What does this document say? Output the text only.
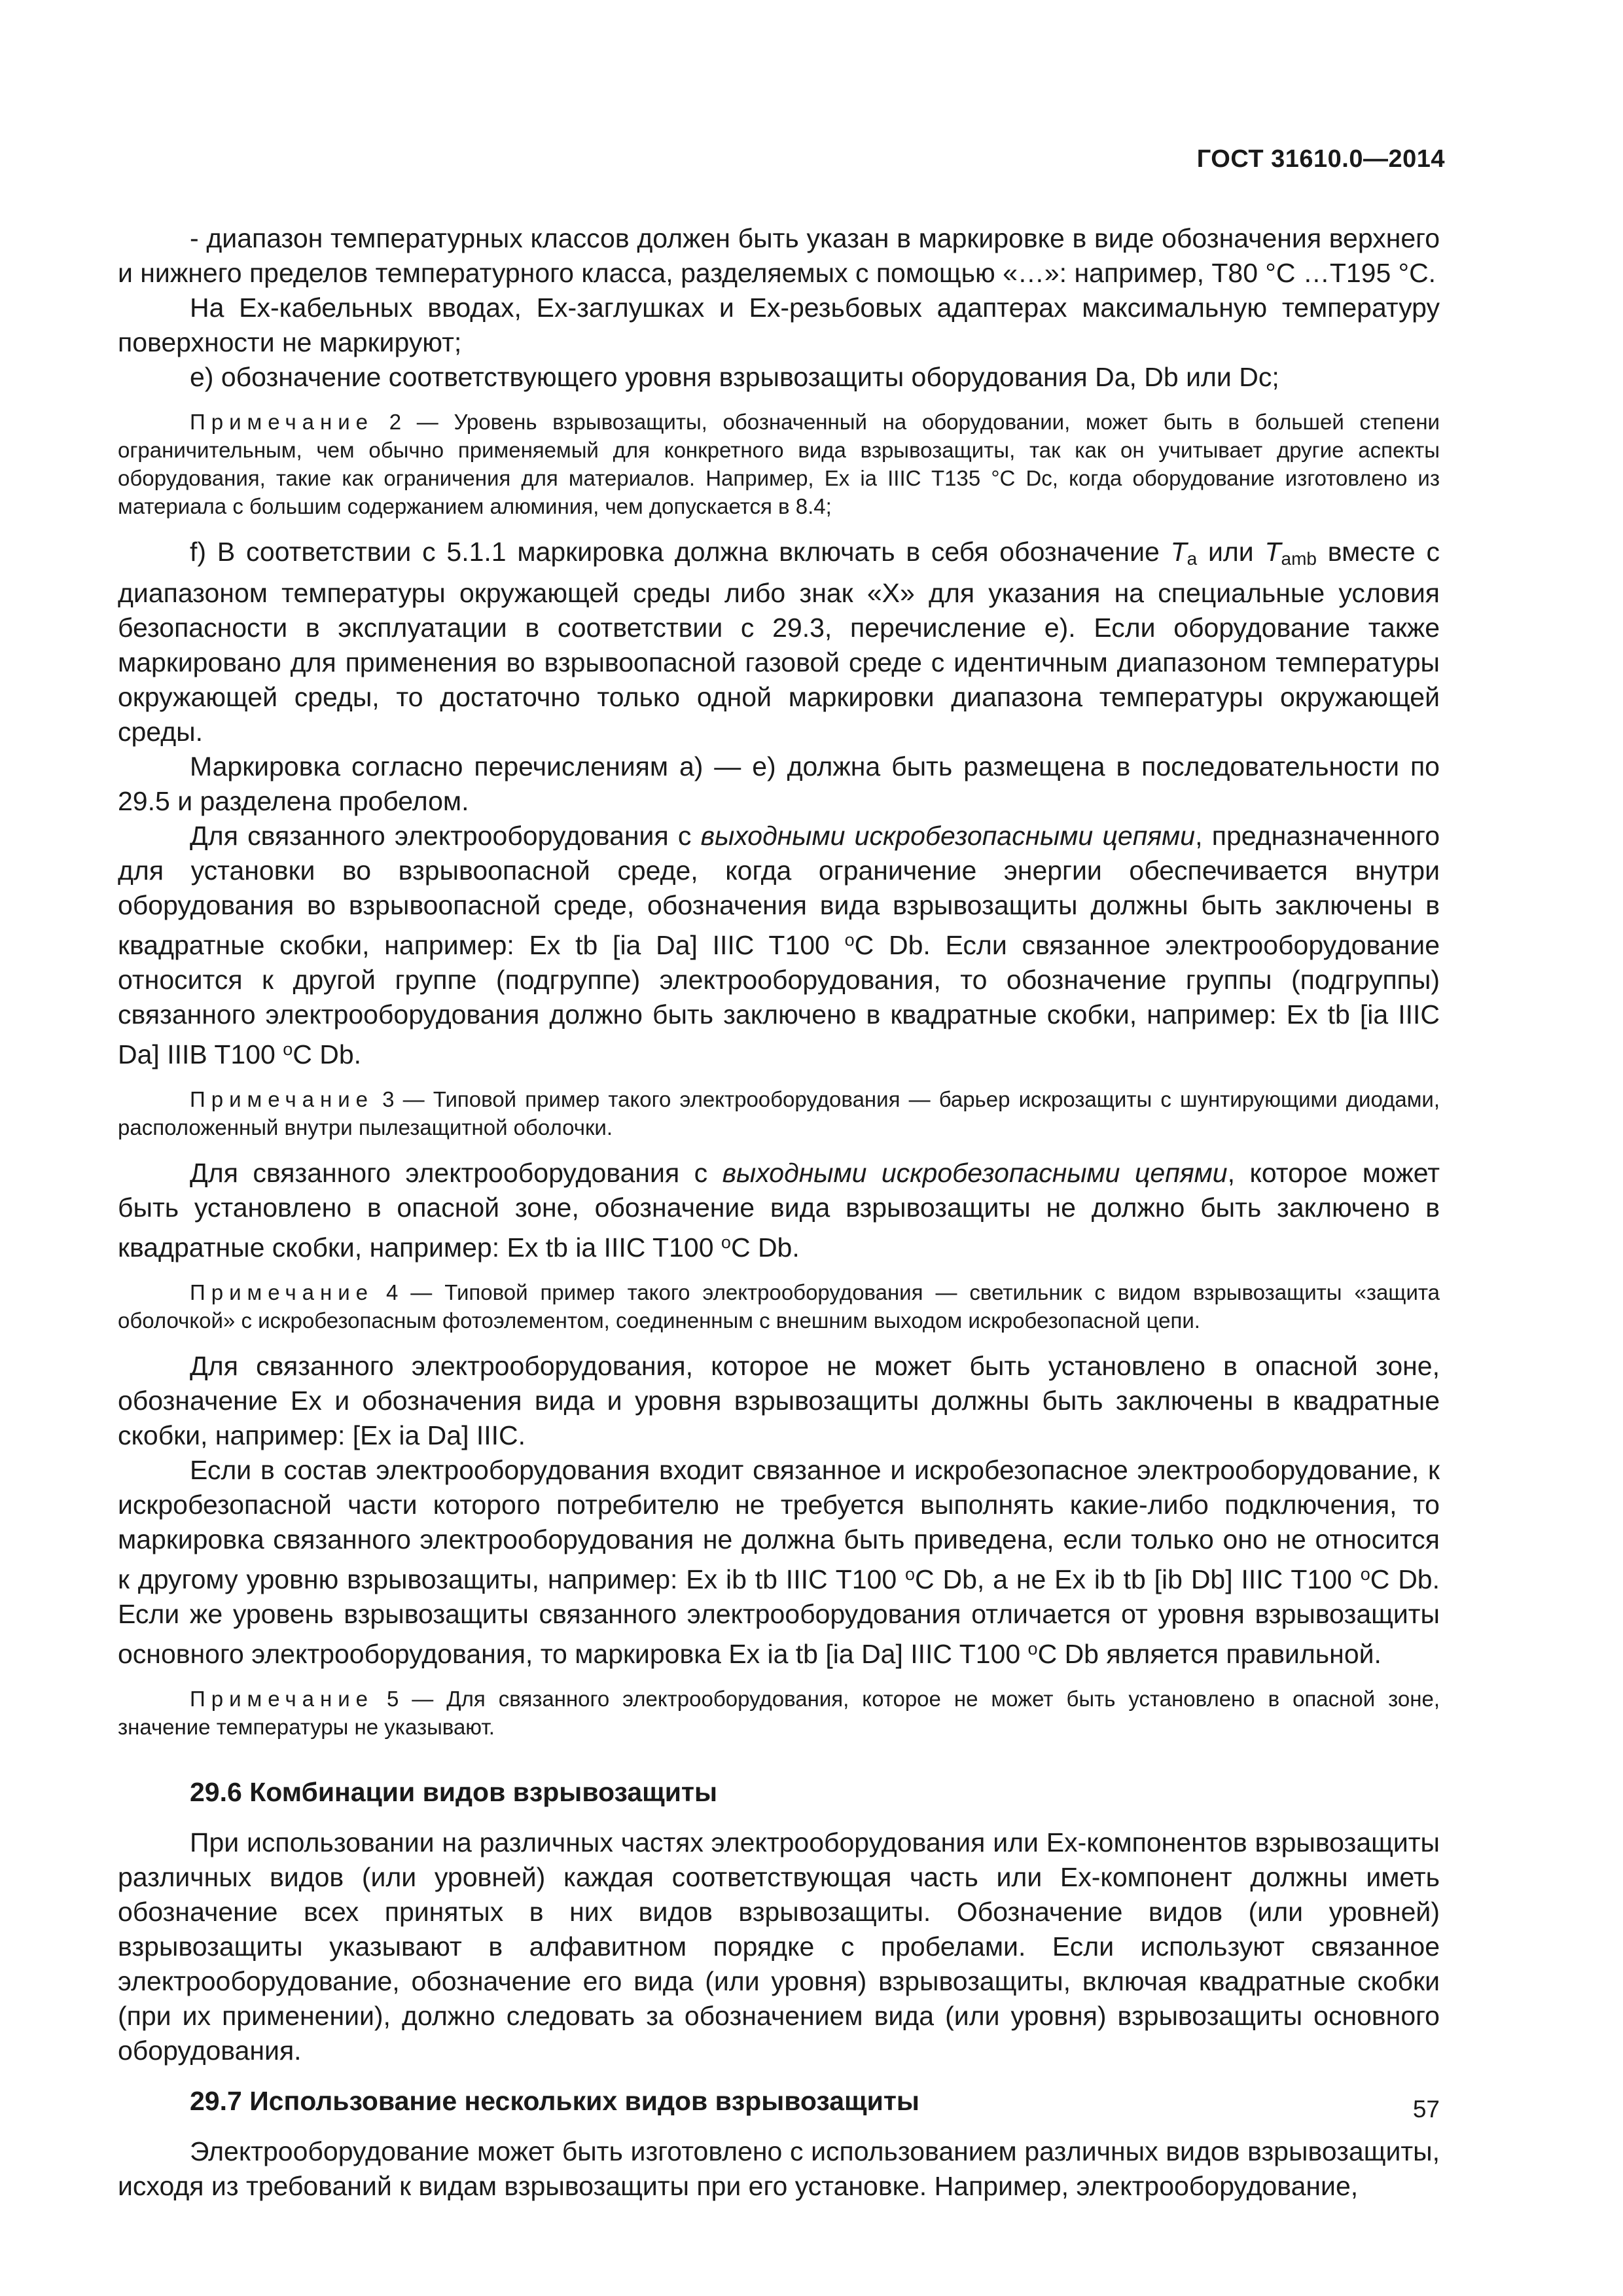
ГОСТ 31610.0—2014

- диапазон температурных классов должен быть указан в маркировке в виде обозначения верхнего и нижнего пределов температурного класса, разделяемых с помощью «…»: например, Т80 °C …Т195 °C.

На Ex-кабельных вводах, Ex-заглушках и Ex-резьбовых адаптерах максимальную температуру поверхности не маркируют;

е) обозначение соответствующего уровня взрывозащиты оборудования Da, Db или Dc;

Примечание 2 — Уровень взрывозащиты, обозначенный на оборудовании, может быть в большей степени ограничительным, чем обычно применяемый для конкретного вида взрывозащиты, так как он учитывает другие аспекты оборудования, такие как ограничения для материалов. Например, Ex ia IIIC T135 °C Dc, когда оборудование изготовлено из материала с большим содержанием алюминия, чем допускается в 8.4;

f) В соответствии с 5.1.1 маркировка должна включать в себя обозначение $T_a$ или $T_{amb}$ вместе с диапазоном температуры окружающей среды либо знак «X» для указания на специальные условия безопасности в эксплуатации в соответствии с 29.3, перечисление е). Если оборудование также маркировано для применения во взрывоопасной газовой среде с идентичным диапазоном температуры окружающей среды, то достаточно только одной маркировки диапазона температуры окружающей среды.

Маркировка согласно перечислениям а) — е) должна быть размещена в последовательности по 29.5 и разделена пробелом.

Для связанного электрооборудования с выходными искробезопасными цепями, предназначенного для установки во взрывоопасной среде, когда ограничение энергии обеспечивается внутри оборудования во взрывоопасной среде, обозначения вида взрывозащиты должны быть заключены в квадратные скобки, например: Ex tb [ia Da] IIIC T100 $^o$C Db. Если связанное электрооборудование относится к другой группе (подгруппе) электрооборудования, то обозначение группы (подгруппы) связанного электрооборудования должно быть заключено в квадратные скобки, например: Ex tb [ia IIIC Da] IIIB T100 $^o$C Db.

Примечание 3 — Типовой пример такого электрооборудования — барьер искрозащиты с шунтирующими диодами, расположенный внутри пылезащитной оболочки.

Для связанного электрооборудования с выходными искробезопасными цепями, которое может быть установлено в опасной зоне, обозначение вида взрывозащиты не должно быть заключено в квадратные скобки, например: Ex tb ia IIIC T100 $^o$C Db.

Примечание 4 — Типовой пример такого электрооборудования — светильник с видом взрывозащиты «защита оболочкой» с искробезопасным фотоэлементом, соединенным с внешним выходом искробезопасной цепи.

Для связанного электрооборудования, которое не может быть установлено в опасной зоне, обозначение Ex и обозначения вида и уровня взрывозащиты должны быть заключены в квадратные скобки, например: [Ex ia Da] IIIC.

Если в состав электрооборудования входит связанное и искробезопасное электрооборудование, к искробезопасной части которого потребителю не требуется выполнять какие-либо подключения, то маркировка связанного электрооборудования не должна быть приведена, если только оно не относится к другому уровню взрывозащиты, например: Ex ib tb IIIC T100 $^o$C Db, а не Ex ib tb [ib Db] IIIC T100 $^o$C Db. Если же уровень взрывозащиты связанного электрооборудования отличается от уровня взрывозащиты основного электрооборудования, то маркировка Ex ia tb [ia Da] IIIC T100 $^o$C Db является правильной.

Примечание 5 — Для связанного электрооборудования, которое не может быть установлено в опасной зоне, значение температуры не указывают.

29.6 Комбинации видов взрывозащиты

При использовании на различных частях электрооборудования или Ex-компонентов взрывозащиты различных видов (или уровней) каждая соответствующая часть или Ex-компонент должны иметь обозначение всех принятых в них видов взрывозащиты. Обозначение видов (или уровней) взрывозащиты указывают в алфавитном порядке с пробелами. Если используют связанное электрооборудование, обозначение его вида (или уровня) взрывозащиты, включая квадратные скобки (при их применении), должно следовать за обозначением вида (или уровня) взрывозащиты основного оборудования.

29.7 Использование нескольких видов взрывозащиты

Электрооборудование может быть изготовлено с использованием различных видов взрывозащиты, исходя из требований к видам взрывозащиты при его установке. Например, электрооборудование,

57
